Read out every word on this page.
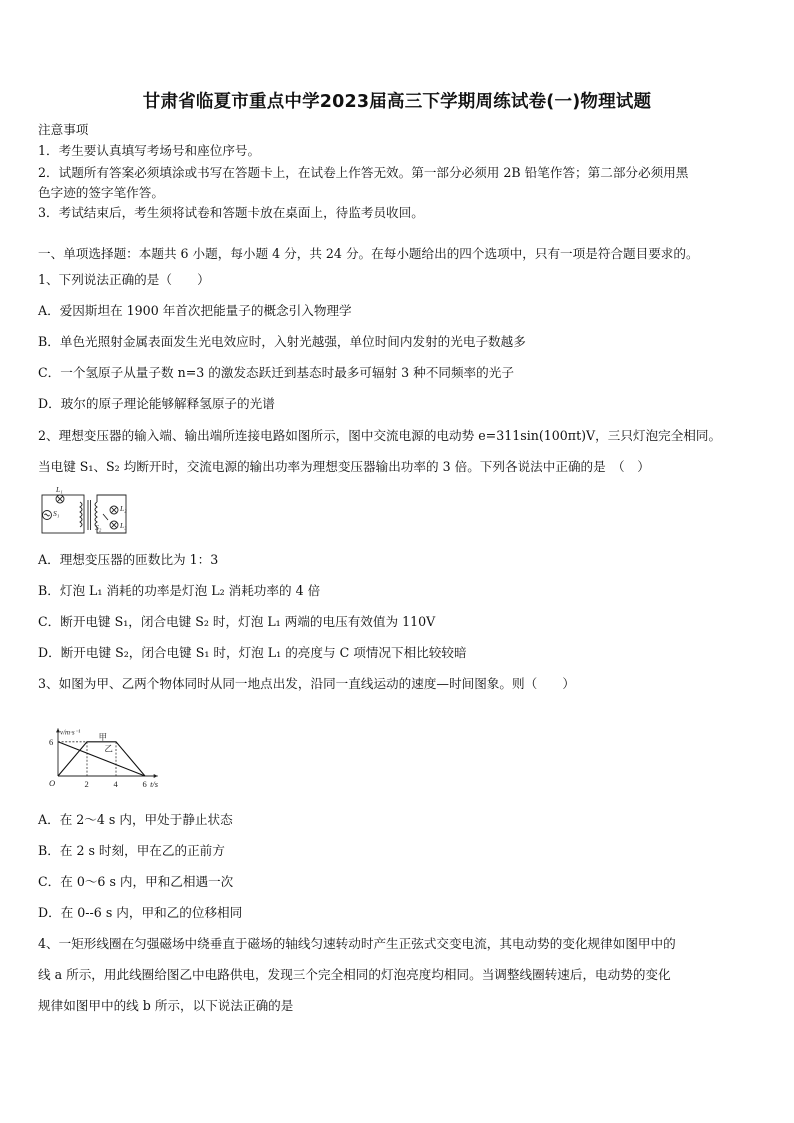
甘肃省临夏市重点中学2023届高三下学期周练试卷(一)物理试题
注意事项
1．考生要认真填写考场号和座位序号。
2．试题所有答案必须填涂或书写在答题卡上，在试卷上作答无效。第一部分必须用 2B 铅笔作答；第二部分必须用黑
色字迹的签字笔作答。
3．考试结束后，考生须将试卷和答题卡放在桌面上，待监考员收回。
一、单项选择题：本题共 6 小题，每小题 4 分，共 24 分。在每小题给出的四个选项中，只有一项是符合题目要求的。
1、下列说法正确的是（　　）
A．爱因斯坦在 1900 年首次把能量子的概念引入物理学
B．单色光照射金属表面发生光电效应时，入射光越强，单位时间内发射的光电子数越多
C．一个氢原子从量子数 n=3 的激发态跃迁到基态时最多可辐射 3 种不同频率的光子
D．玻尔的原子理论能够解释氢原子的光谱
2、理想变压器的输入端、输出端所连接电路如图所示，图中交流电源的电动势 e=311sin(100πt)V，三只灯泡完全相同。
当电键 S₁、S₂ 均断开时，交流电源的输出功率为理想变压器输出功率的 3 倍。下列各说法中正确的是　（　）
L₁
L₂
L₃
S₁
S₂
A．理想变压器的匝数比为 1：3
B．灯泡 L₁ 消耗的功率是灯泡 L₂ 消耗功率的 4 倍
C．断开电键 S₁，闭合电键 S₂ 时，灯泡 L₁ 两端的电压有效值为 110V
D．断开电键 S₂，闭合电键 S₁ 时，灯泡 L₁ 的亮度与 C 项情况下相比较较暗
3、如图为甲、乙两个物体同时从同一地点出发，沿同一直线运动的速度—时间图象。则（　　）
v/m·s⁻¹
t/s
O	2	4	6
6	甲
乙
A．在 2～4 s 内，甲处于静止状态
B．在 2 s 时刻，甲在乙的正前方
C．在 0～6 s 内，甲和乙相遇一次
D．在 0--6 s 内，甲和乙的位移相同
4、一矩形线圈在匀强磁场中绕垂直于磁场的轴线匀速转动时产生正弦式交变电流，其电动势的变化规律如图甲中的
线 a 所示，用此线圈给图乙中电路供电，发现三个完全相同的灯泡亮度均相同。当调整线圈转速后，电动势的变化
规律如图甲中的线 b 所示，以下说法正确的是
